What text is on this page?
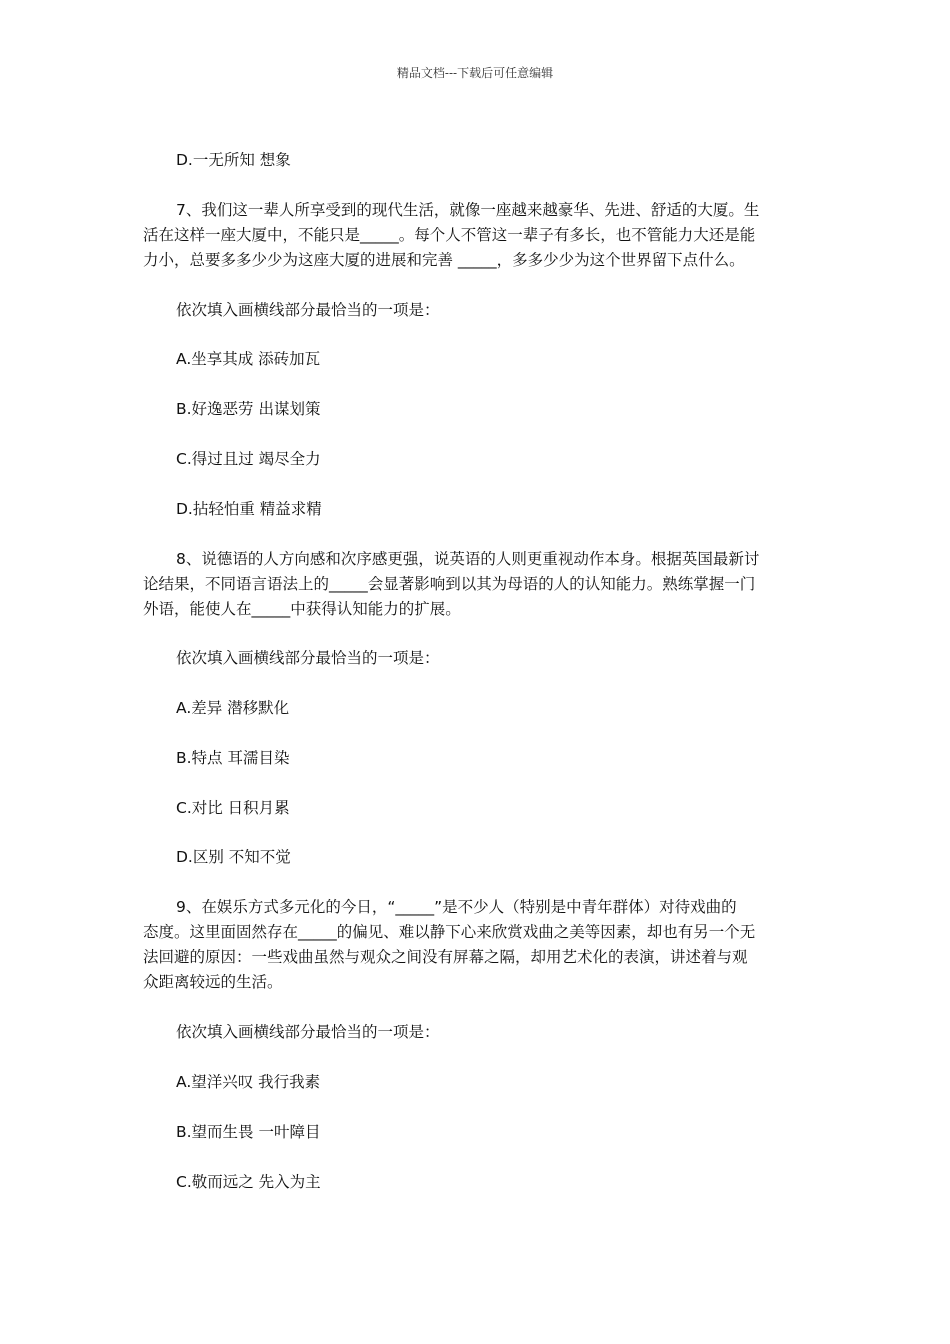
精品文档---下载后可任意编辑
D.一无所知 想象
7、我们这一辈人所享受到的现代生活，就像一座越来越豪华、先进、舒适的大厦。生
活在这样一座大厦中，不能只是_____。每个人不管这一辈子有多长，也不管能力大还是能
力小，总要多多少少为这座大厦的进展和完善 _____，多多少少为这个世界留下点什么。
依次填入画横线部分最恰当的一项是：
A.坐享其成 添砖加瓦
B.好逸恶劳 出谋划策
C.得过且过 竭尽全力
D.拈轻怕重 精益求精
8、说德语的人方向感和次序感更强，说英语的人则更重视动作本身。根据英国最新讨
论结果，不同语言语法上的_____会显著影响到以其为母语的人的认知能力。熟练掌握一门
外语，能使人在_____中获得认知能力的扩展。
依次填入画横线部分最恰当的一项是：
A.差异 潜移默化
B.特点 耳濡目染
C.对比 日积月累
D.区别 不知不觉
9、在娱乐方式多元化的今日，“_____”是不少人（特别是中青年群体）对待戏曲的
态度。这里面固然存在_____的偏见、难以静下心来欣赏戏曲之美等因素，却也有另一个无
法回避的原因：一些戏曲虽然与观众之间没有屏幕之隔，却用艺术化的表演，讲述着与观
众距离较远的生活。
依次填入画横线部分最恰当的一项是：
A.望洋兴叹 我行我素
B.望而生畏 一叶障目
C.敬而远之 先入为主
